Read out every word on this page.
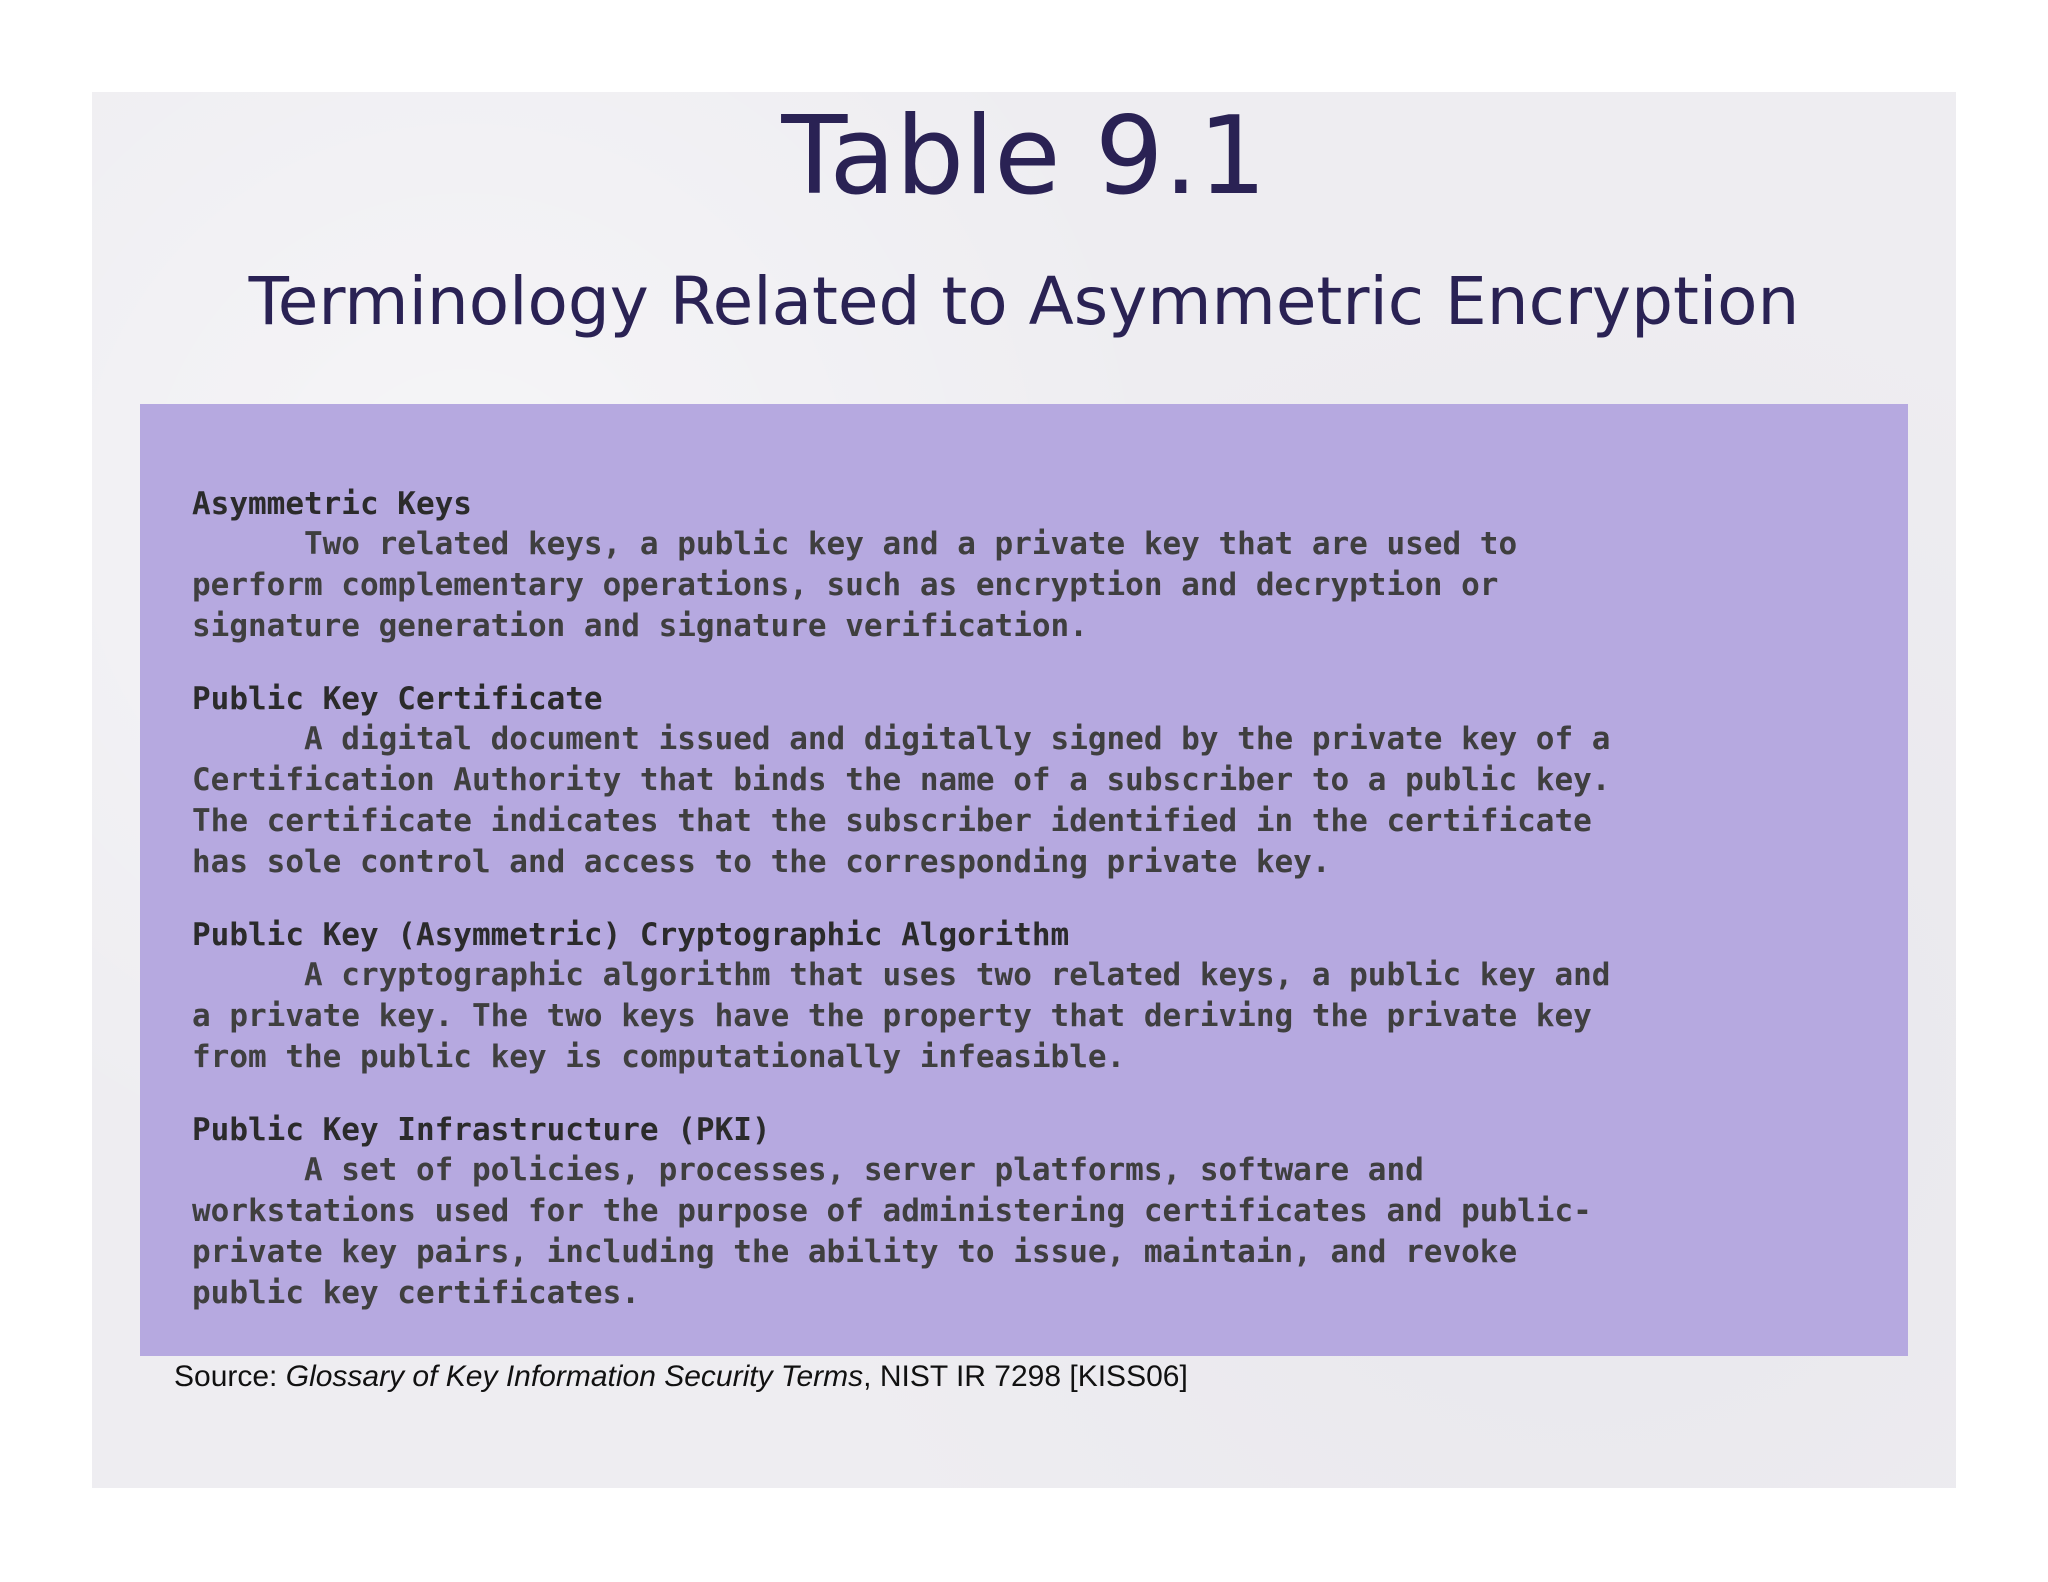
Table 9.1
Terminology Related to Asymmetric Encryption

Asymmetric Keys

Two related keys, a public key and a private key that are used to

perform complementary operations, such as encryption and decryption or

signature generation and signature verification.

Public Key Certificate

A digital document issued and digitally signed by the private key of a

Certification Authority that binds the name of a subscriber to a public key.

The certificate indicates that the subscriber identified in the certificate

has sole control and access to the corresponding private key.

Public Key (Asymmetric) Cryptographic Algorithm

A cryptographic algorithm that uses two related keys, a public key and

a private key. The two keys have the property that deriving the private key

from the public key is computationally infeasible.

Public Key Infrastructure (PKI)

A set of policies, processes, server platforms, software and

workstations used for the purpose of administering certificates and public-

private key pairs, including the ability to issue, maintain, and revoke

public key certificates.

Source: Glossary of Key Information Security Terms, NIST IR 7298 [KISS06]
